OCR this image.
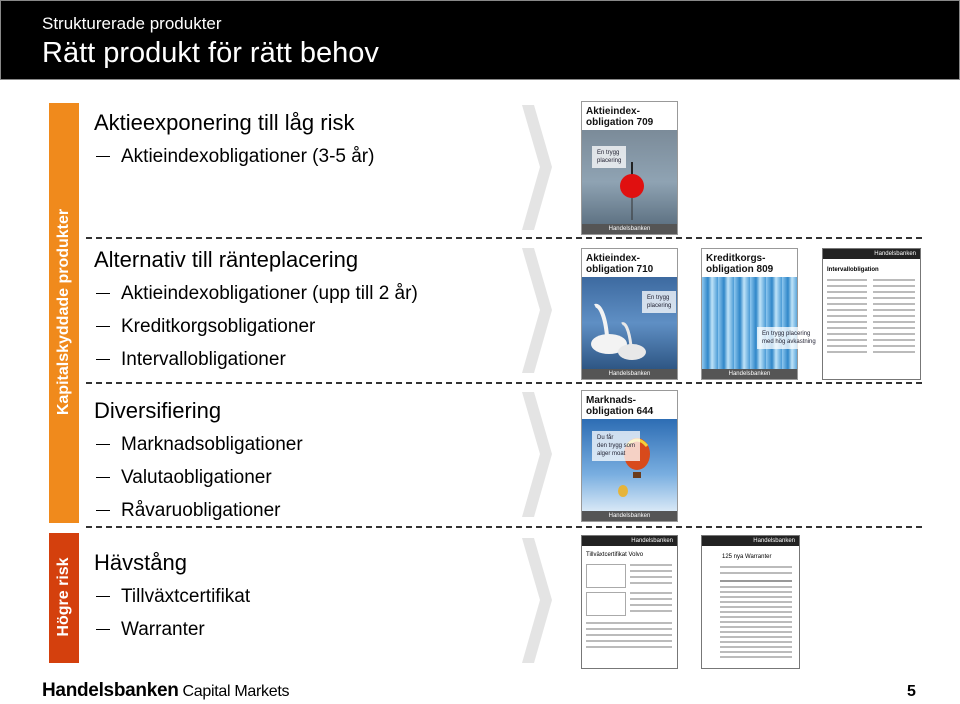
Strukturerade produkter
Rätt produkt för rätt behov
Kapitalskyddade produkter
Högre risk
Aktieexponering till låg risk
Aktieindexobligationer (3-5 år)
Alternativ till ränteplacering
Aktieindexobligationer (upp till 2 år)
Kreditkorgsobligationer
Intervallobligationer
Diversifiering
Marknadsobligationer
Valutaobligationer
Råvaruobligationer
Hävstång
Tillväxtcertifikat
Warranter
Aktieindex-
obligation 709
En trygg
placering
Handelsbanken
Aktieindex-
obligation 710
En trygg
placering
Handelsbanken
Kreditkorgs-
obligation 809
En trygg placering
med hög avkastning
Handelsbanken
Handelsbanken
Intervallobligation
Marknads-
obligation 644
Du får
den trygg som
alger moat
Handelsbanken
Handelsbanken
Tillväxtcertifikat Volvo
Handelsbanken
125 nya Warranter
Handelsbanken Capital Markets	5
